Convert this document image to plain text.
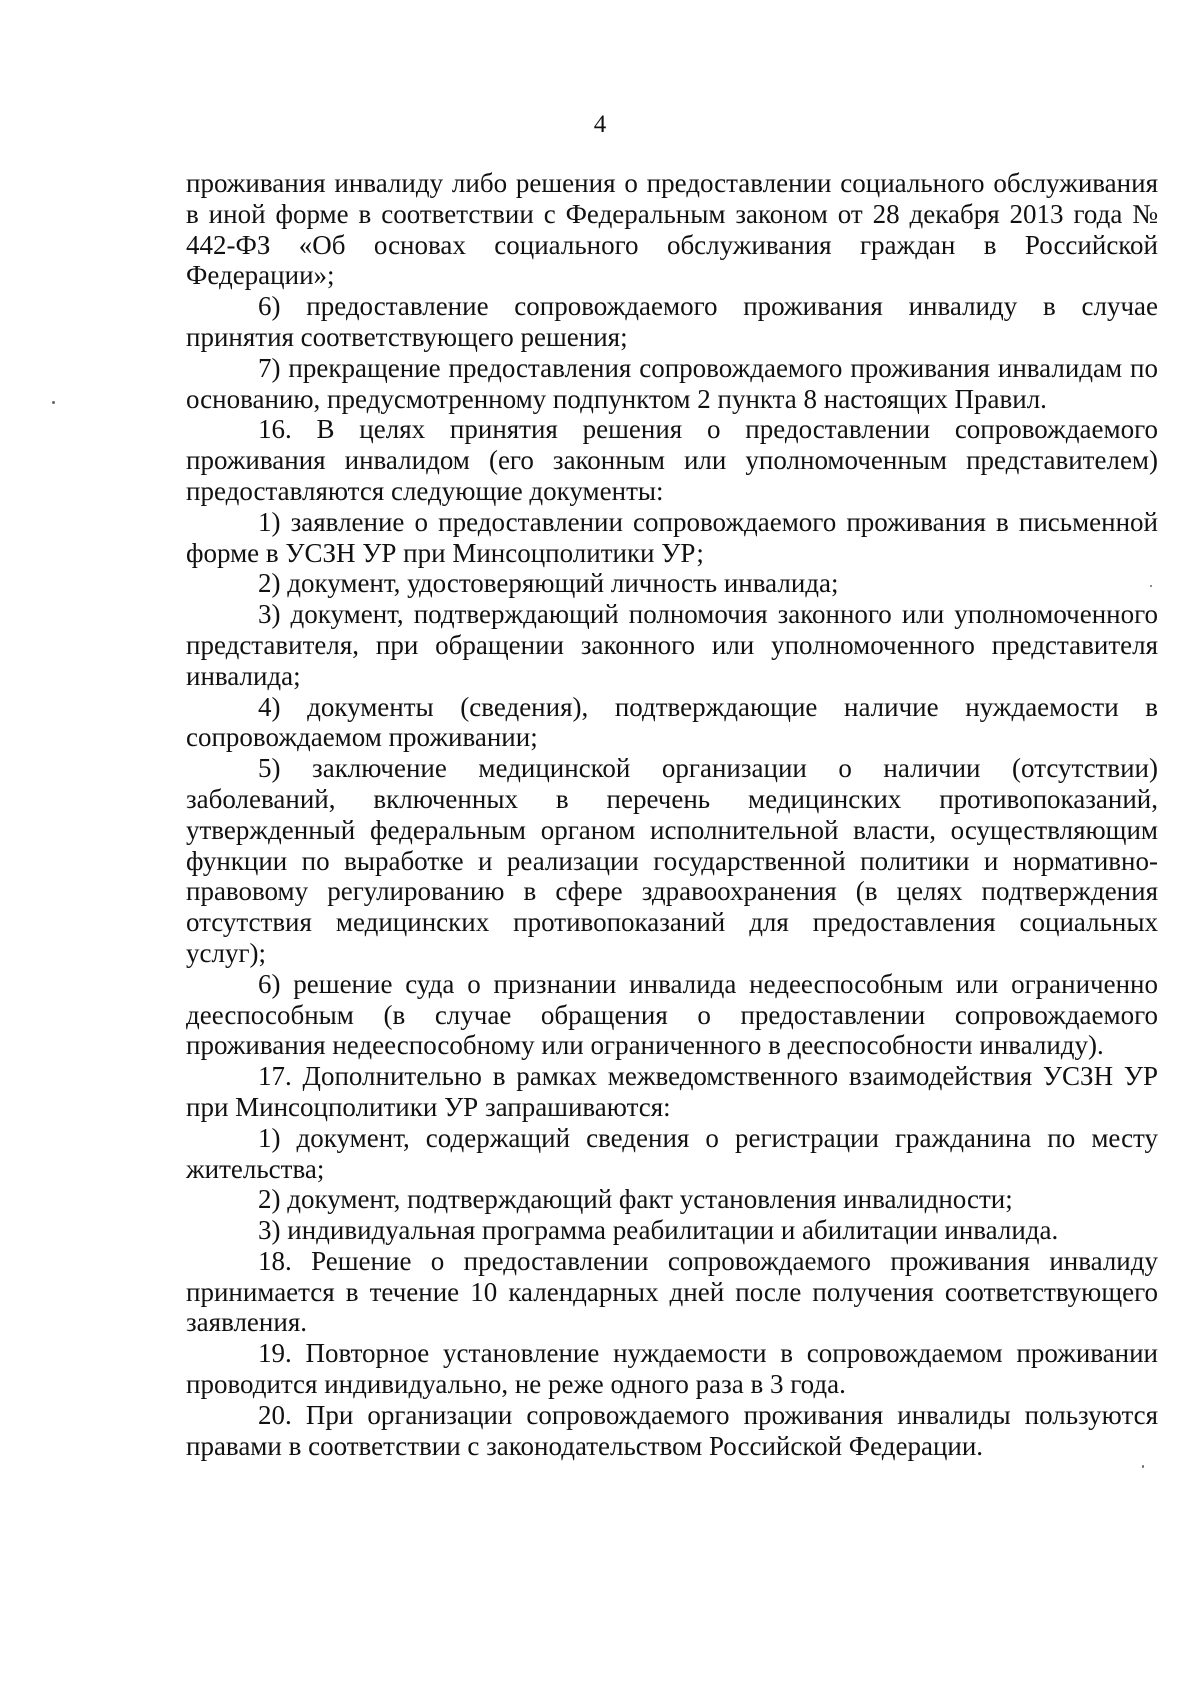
4

проживания инвалиду либо решения о предоставлении социального обслуживания в иной форме в соответствии с Федеральным законом от 28 декабря 2013 года № 442-ФЗ «Об основах социального обслуживания граждан в Российской Федерации»;

6) предоставление сопровождаемого проживания инвалиду в случае принятия соответствующего решения;

7) прекращение предоставления сопровождаемого проживания инвалидам по основанию, предусмотренному подпунктом 2 пункта 8 настоящих Правил.

16. В целях принятия решения о предоставлении сопровождаемого проживания инвалидом (его законным или уполномоченным представителем) предоставляются следующие документы:

1) заявление о предоставлении сопровождаемого проживания в письменной форме в УСЗН УР при Минсоцполитики УР;

2) документ, удостоверяющий личность инвалида;

3) документ, подтверждающий полномочия законного или уполномоченного представителя, при обращении законного или уполномоченного представителя инвалида;

4) документы (сведения), подтверждающие наличие нуждаемости в сопровождаемом проживании;

5) заключение медицинской организации о наличии (отсутствии) заболеваний, включенных в перечень медицинских противопоказаний, утвержденный федеральным органом исполнительной власти, осуществляющим функции по выработке и реализации государственной политики и нормативно-правовому регулированию в сфере здравоохранения (в целях подтверждения отсутствия медицинских противопоказаний для предоставления социальных услуг);

6) решение суда о признании инвалида недееспособным или ограниченно дееспособным (в случае обращения о предоставлении сопровождаемого проживания недееспособному или ограниченного в дееспособности инвалиду).

17. Дополнительно в рамках межведомственного взаимодействия УСЗН УР при Минсоцполитики УР запрашиваются:

1) документ, содержащий сведения о регистрации гражданина по месту жительства;

2) документ, подтверждающий факт установления инвалидности;

3) индивидуальная программа реабилитации и абилитации инвалида.

18. Решение о предоставлении сопровождаемого проживания инвалиду принимается в течение 10 календарных дней после получения соответствующего заявления.

19. Повторное установление нуждаемости в сопровождаемом проживании проводится индивидуально, не реже одного раза в 3 года.

20. При организации сопровождаемого проживания инвалиды пользуются правами в соответствии с законодательством Российской Федерации.
